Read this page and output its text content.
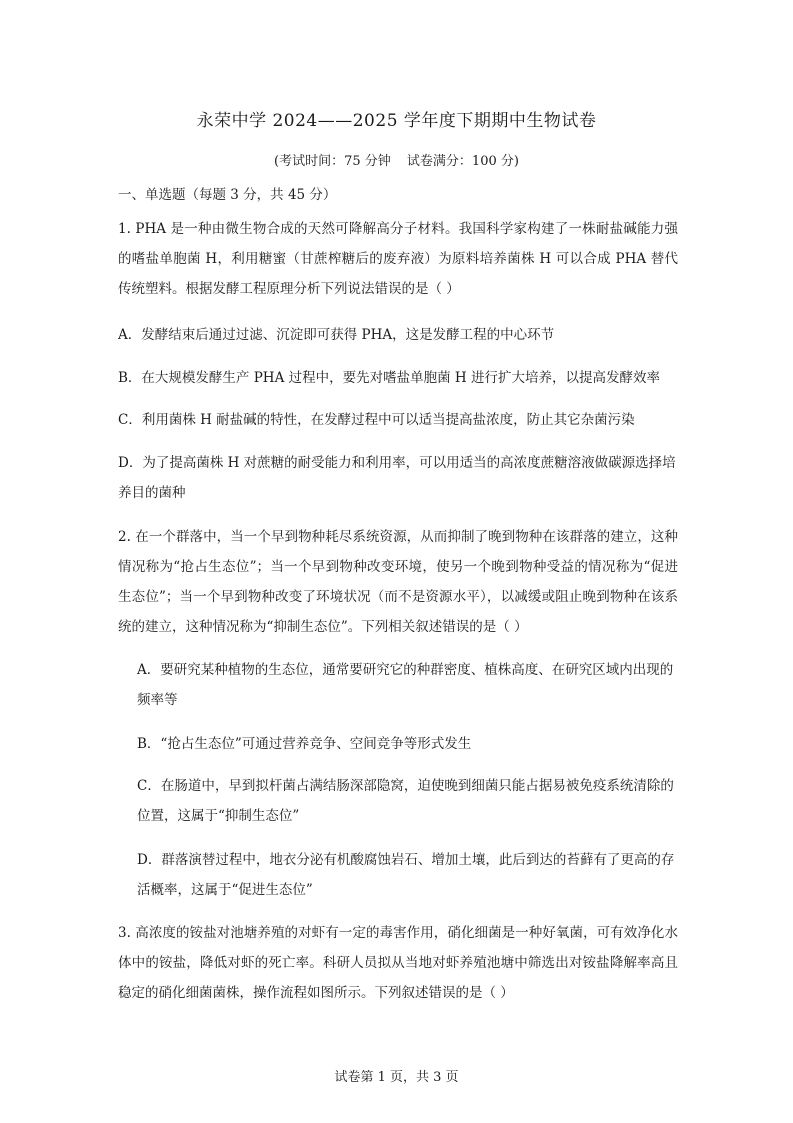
永荣中学 2024——2025 学年度下期期中生物试卷
(考试时间：75 分钟 试卷满分：100 分)
一、单选题（每题 3 分，共 45 分）
1. PHA 是一种由微生物合成的天然可降解高分子材料。我国科学家构建了一株耐盐碱能力强的嗜盐单胞菌 H，利用糖蜜（甘蔗榨糖后的废弃液）为原料培养菌株 H 可以合成 PHA 替代传统塑料。根据发酵工程原理分析下列说法错误的是（ ）
A．发酵结束后通过过滤、沉淀即可获得 PHA，这是发酵工程的中心环节
B．在大规模发酵生产 PHA 过程中，要先对嗜盐单胞菌 H 进行扩大培养，以提高发酵效率
C．利用菌株 H 耐盐碱的特性，在发酵过程中可以适当提高盐浓度，防止其它杂菌污染
D．为了提高菌株 H 对蔗糖的耐受能力和利用率，可以用适当的高浓度蔗糖溶液做碳源选择培养目的菌种
2. 在一个群落中，当一个早到物种耗尽系统资源，从而抑制了晚到物种在该群落的建立，这种情况称为“抢占生态位”；当一个早到物种改变环境，使另一个晚到物种受益的情况称为“促进生态位”；当一个早到物种改变了环境状况（而不是资源水平），以减缓或阻止晚到物种在该系统的建立，这种情况称为“抑制生态位”。下列相关叙述错误的是（ ）
A．要研究某种植物的生态位，通常要研究它的种群密度、植株高度、在研究区域内出现的频率等
B．“抢占生态位”可通过营养竞争、空间竞争等形式发生
C．在肠道中，早到拟杆菌占满结肠深部隐窝，迫使晚到细菌只能占据易被免疫系统清除的位置，这属于“抑制生态位”
D．群落演替过程中，地衣分泌有机酸腐蚀岩石、增加土壤，此后到达的苔藓有了更高的存活概率，这属于“促进生态位”
3. 高浓度的铵盐对池塘养殖的对虾有一定的毒害作用，硝化细菌是一种好氧菌，可有效净化水体中的铵盐，降低对虾的死亡率。科研人员拟从当地对虾养殖池塘中筛选出对铵盐降解率高且稳定的硝化细菌菌株，操作流程如图所示。下列叙述错误的是（ ）
试卷第 1 页，共 3 页
